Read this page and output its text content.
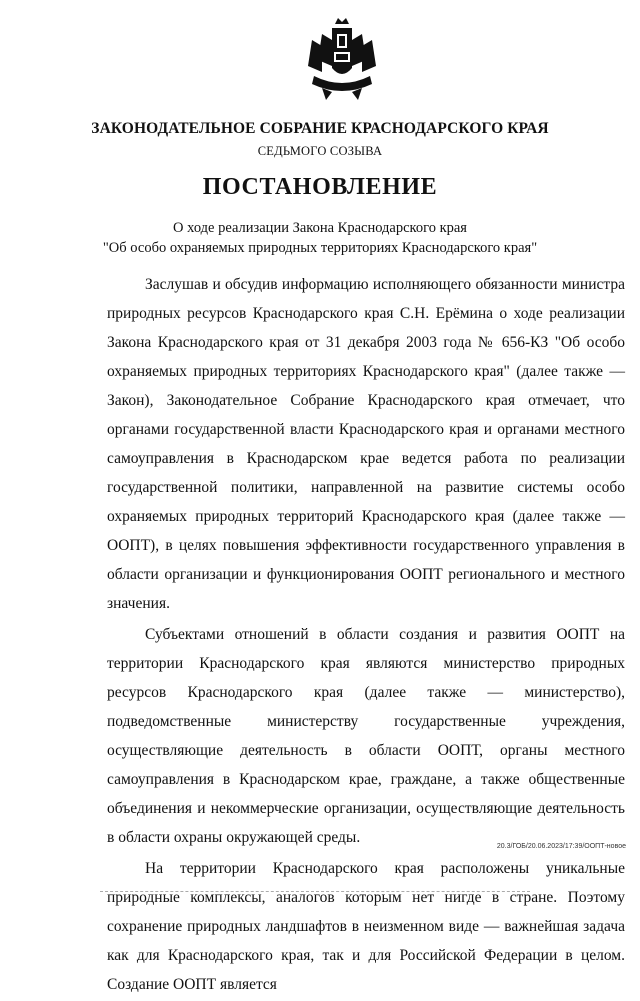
ЗАКОНОДАТЕЛЬНОЕ СОБРАНИЕ КРАСНОДАРСКОГО КРАЯ
СЕДЬМОГО СОЗЫВА
ПОСТАНОВЛЕНИЕ
О ходе реализации Закона Краснодарского края
"Об особо охраняемых природных территориях Краснодарского края"

Заслушав и обсудив информацию исполняющего обязанности министра природных ресурсов Краснодарского края С.Н. Ерёмина о ходе реализации Закона Краснодарского края от 31 декабря 2003 года № 656-КЗ "Об особо охраняемых природных территориях Краснодарского края" (далее также — Закон), Законодательное Собрание Краснодарского края отмечает, что органами государственной власти Краснодарского края и органами местного самоуправления в Краснодарском крае ведется работа по реализации государственной политики, направленной на развитие системы особо охраняемых природных территорий Краснодарского края (далее также — ООПТ), в целях повышения эффективности государственного управления в области организации и функционирования ООПТ регионального и местного значения.

Субъектами отношений в области создания и развития ООПТ на территории Краснодарского края являются министерство природных ресурсов Краснодарского края (далее также — министерство), подведомственные министерству государственные учреждения, осуществляющие деятельность в области ООПТ, органы местного самоуправления в Краснодарском крае, граждане, а также общественные объединения и некоммерческие организации, осуществляющие деятельность в области охраны окружающей среды.

На территории Краснодарского края расположены уникальные природные комплексы, аналогов которым нет нигде в стране. Поэтому сохранение природных ландшафтов в неизменном виде — важнейшая задача как для Краснодарского края, так и для Российской Федерации в целом. Создание ООПТ является

20.3/ГОБ/20.06.2023/17:39/ООПТ-новое
